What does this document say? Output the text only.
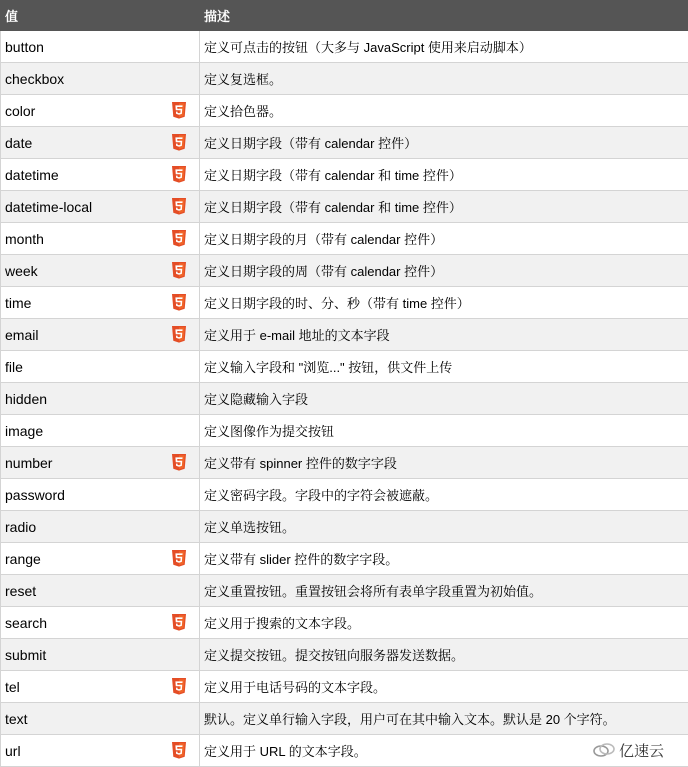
值	描述

button	定义可点击的按钮（大多与 JavaScript 使用来启动脚本）

checkbox	定义复选框。

color	定义拾色器。

date	定义日期字段（带有 calendar 控件）

datetime	定义日期字段（带有 calendar 和 time 控件）

datetime-local	定义日期字段（带有 calendar 和 time 控件）

month	定义日期字段的月（带有 calendar 控件）

week	定义日期字段的周（带有 calendar 控件）

time	定义日期字段的时、分、秒（带有 time 控件）

email	定义用于 e-mail 地址的文本字段

file	定义输入字段和 "浏览..." 按钮，供文件上传

hidden	定义隐藏输入字段

image	定义图像作为提交按钮

number	定义带有 spinner 控件的数字字段

password	定义密码字段。字段中的字符会被遮蔽。

radio	定义单选按钮。

range	定义带有 slider 控件的数字字段。

reset	定义重置按钮。重置按钮会将所有表单字段重置为初始值。

search	定义用于搜索的文本字段。

submit	定义提交按钮。提交按钮向服务器发送数据。

tel	定义用于电话号码的文本字段。

text	默认。定义单行输入字段，用户可在其中输入文本。默认是 20 个字符。

url	定义用于 URL 的文本字段。	亿速云
